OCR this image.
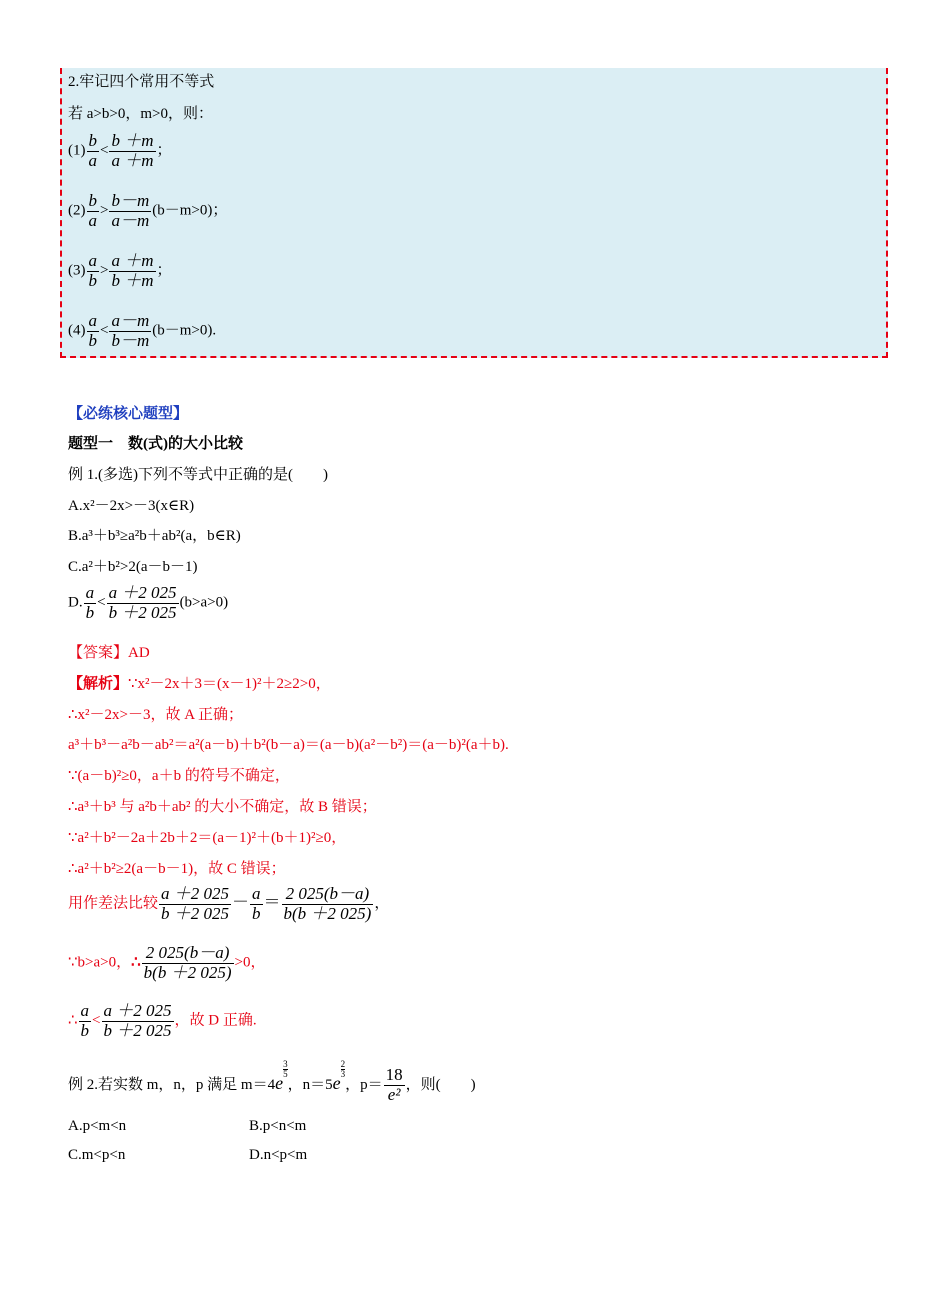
2.牢记四个常用不等式
若 a>b>0，m>0，则：
$(1) \frac{b}{a} < \frac{b +m}{a +m}$ ；
$(2) \frac{b}{a} > \frac{b-m}{a-m} (b-m>0)$；
$(3) \frac{a}{b} > \frac{a +m}{b +m}$ ；
$(4) \frac{a}{b} < \frac{a-m}{b-m} (b-m>0)$.
【必练核心题型】
题型一　数(式)的大小比较
例 1.(多选)下列不等式中正确的是(　　)
A.x²－2x>－3(x∈R)
B.a³＋b³≥a²b＋ab²(a，b∈R)
C.a²＋b²>2(a－b－1)
D. $\frac{a}{b} < \frac{a +2 025}{b +2 025} (b>a>0)$
【答案】AD
【解析】∵x²－2x＋3＝(x－1)²＋2≥2>0，
∴x²－2x>－3，故 A 正确；
a³＋b³－a²b－ab²＝a²(a－b)＋b²(b－a)＝(a－b)(a²－b²)＝(a－b)²(a＋b).
∵(a－b)²≥0，a＋b 的符号不确定，
∴a³＋b³ 与 a²b＋ab² 的大小不确定，故 B 错误；
∵a²＋b²－2a＋2b＋2＝(a－1)²＋(b＋1)²≥0，
∴a²＋b²≥2(a－b－1)，故 C 错误；
用作差法比较 $\frac{a +2 025}{b +2 025} - \frac{a}{b} = \frac{2 025(b-a)}{b(b +2 025)}$ ，
∵b>a>0，∴ $\frac{2 025(b-a)}{b(b +2 025)} >0$，
∴ $\frac{a}{b} < \frac{a +2 025}{b +2 025}$ ，故 D 正确.
例 2.若实数 m，n，p 满足 m＝4e
$\frac{3}{5}$
，n＝5e
$\frac{2}{3}$
，$p= \frac{18}{\text{e²}}$ ，则(　　)
A.p<m<n	B.p<n<m
C.m<p<n	D.n<p<m
